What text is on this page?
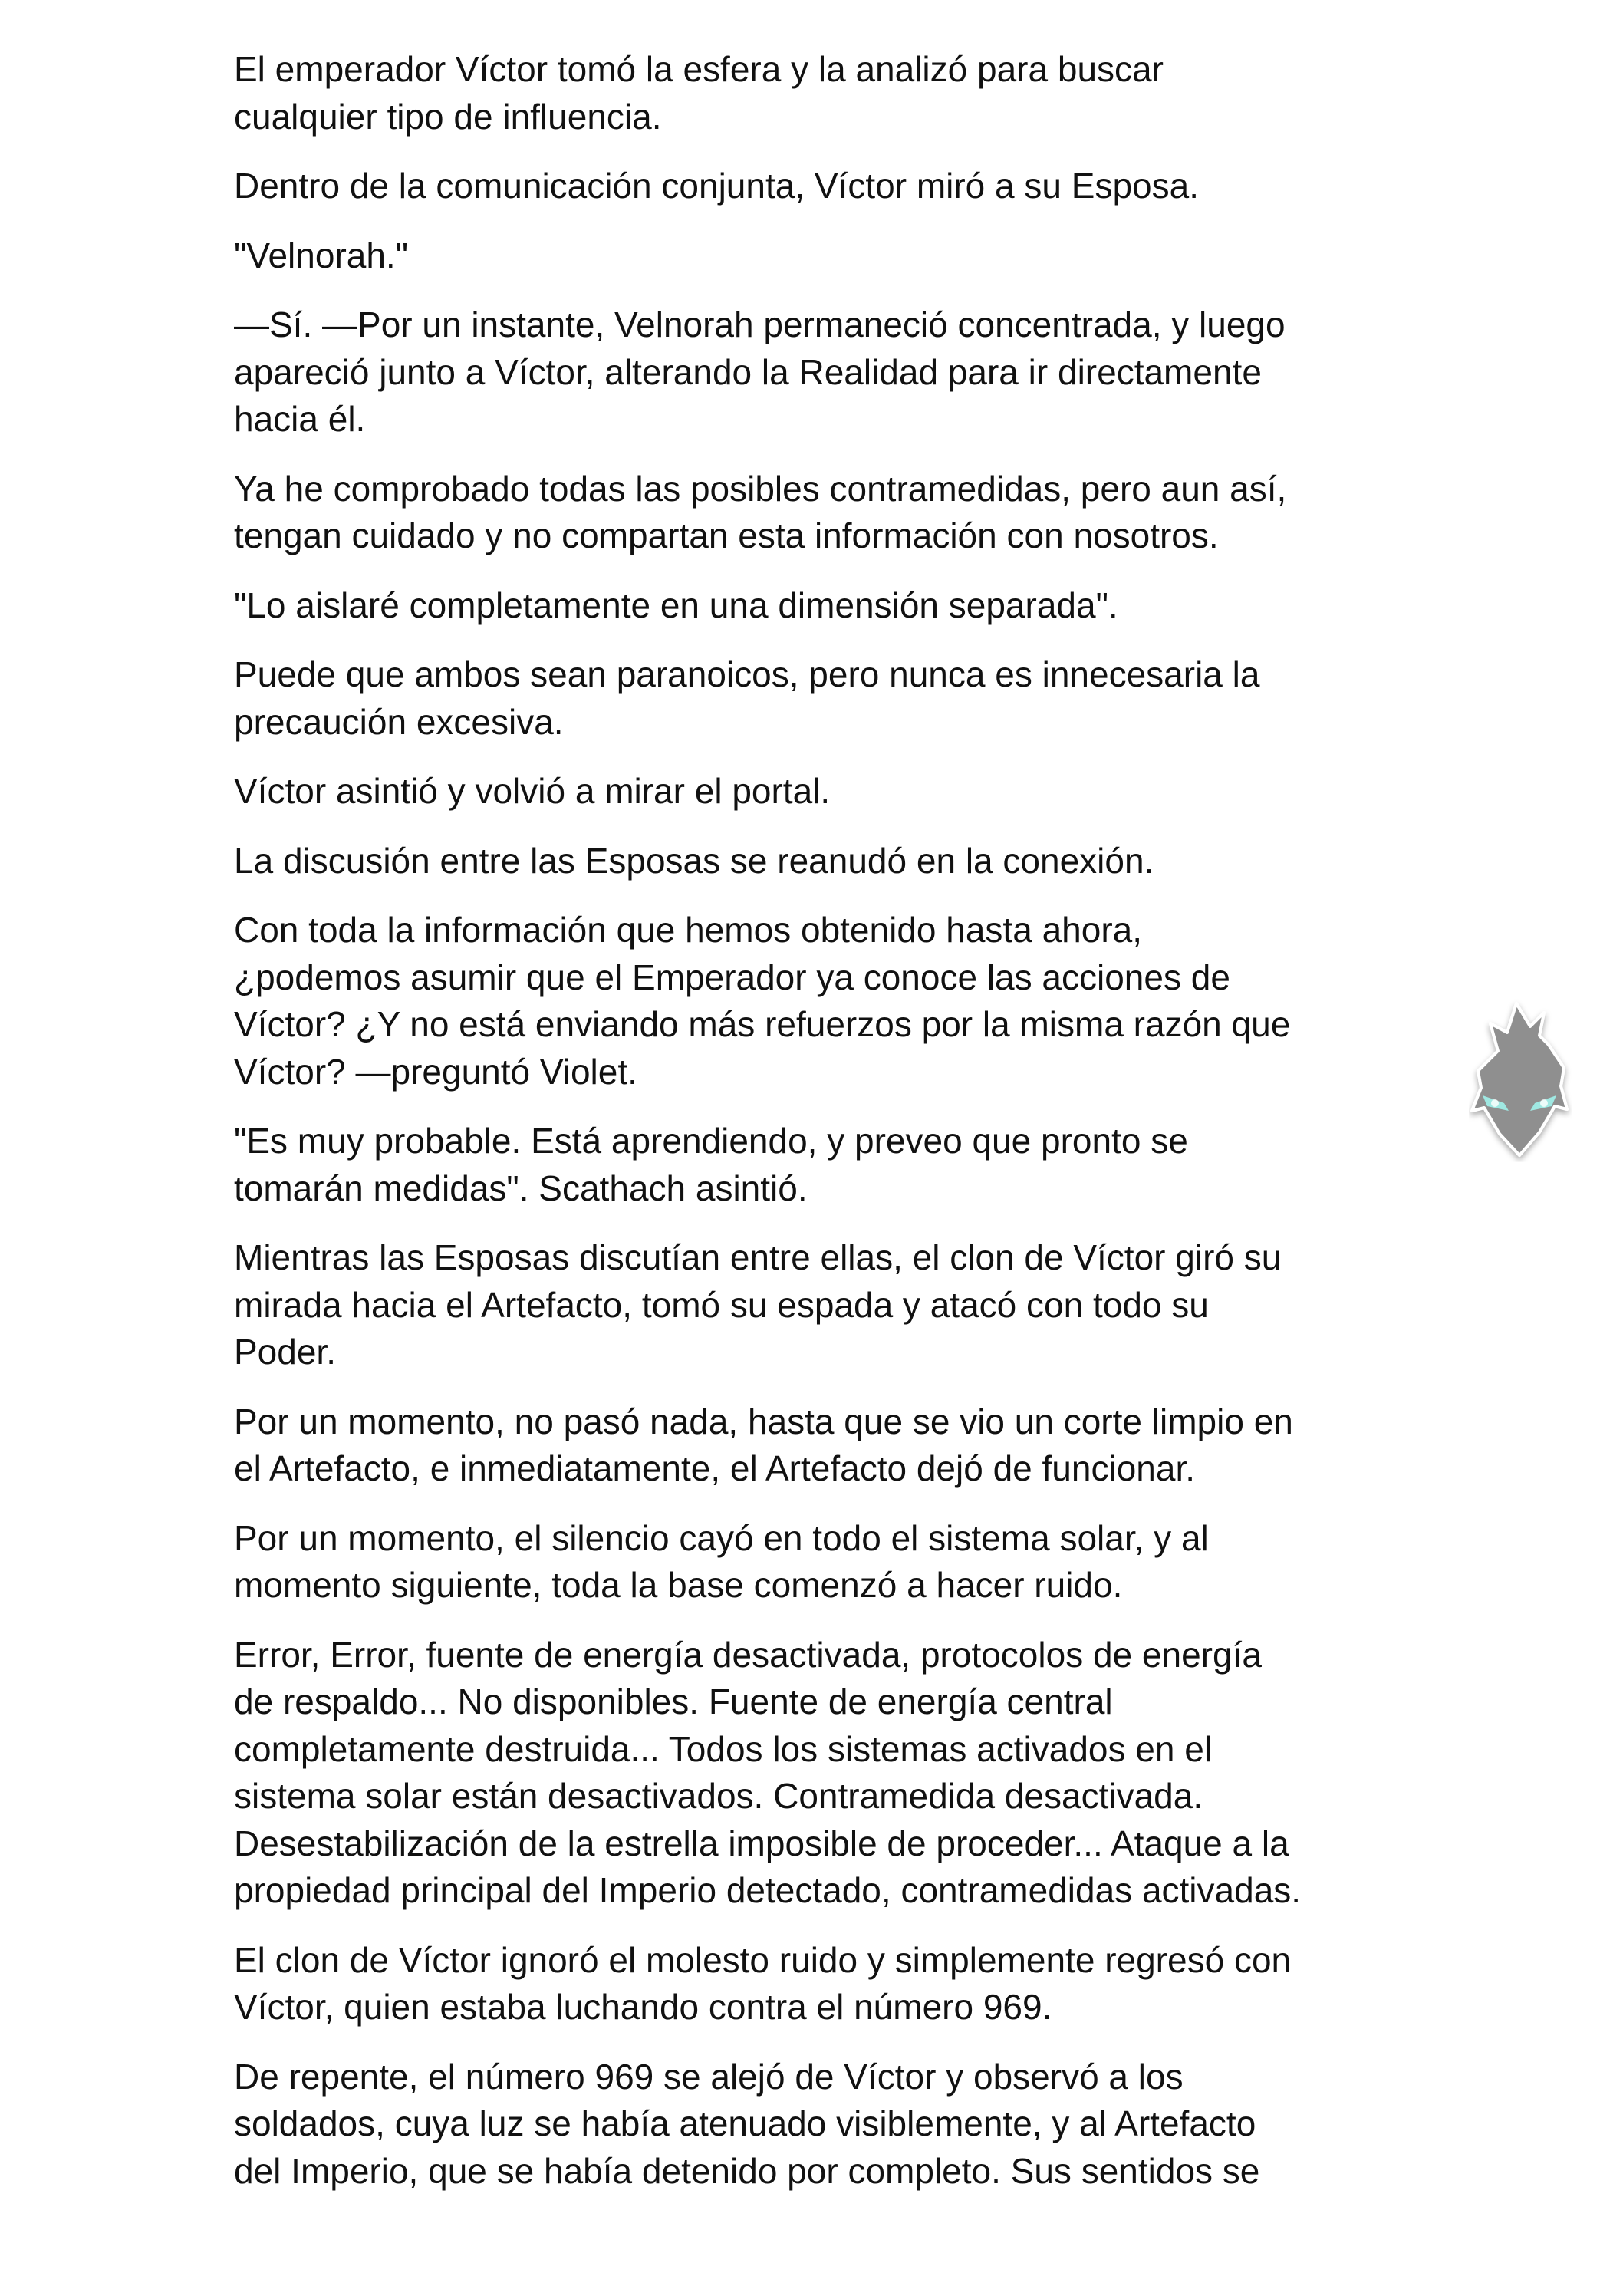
El emperador Víctor tomó la esfera y la analizó para buscar
cualquier tipo de influencia.

Dentro de la comunicación conjunta, Víctor miró a su Esposa.

"Velnorah."

—Sí. —Por un instante, Velnorah permaneció concentrada, y luego
apareció junto a Víctor, alterando la Realidad para ir directamente
hacia él.

Ya he comprobado todas las posibles contramedidas, pero aun así,
tengan cuidado y no compartan esta información con nosotros.

"Lo aislaré completamente en una dimensión separada".

Puede que ambos sean paranoicos, pero nunca es innecesaria la
precaución excesiva.

Víctor asintió y volvió a mirar el portal.

La discusión entre las Esposas se reanudó en la conexión.

Con toda la información que hemos obtenido hasta ahora,
¿podemos asumir que el Emperador ya conoce las acciones de
Víctor? ¿Y no está enviando más refuerzos por la misma razón que
Víctor? —preguntó Violet.

"Es muy probable. Está aprendiendo, y preveo que pronto se
tomarán medidas". Scathach asintió.

Mientras las Esposas discutían entre ellas, el clon de Víctor giró su
mirada hacia el Artefacto, tomó su espada y atacó con todo su
Poder.

Por un momento, no pasó nada, hasta que se vio un corte limpio en
el Artefacto, e inmediatamente, el Artefacto dejó de funcionar.

Por un momento, el silencio cayó en todo el sistema solar, y al
momento siguiente, toda la base comenzó a hacer ruido.

Error, Error, fuente de energía desactivada, protocolos de energía
de respaldo... No disponibles. Fuente de energía central
completamente destruida... Todos los sistemas activados en el
sistema solar están desactivados. Contramedida desactivada.
Desestabilización de la estrella imposible de proceder... Ataque a la
propiedad principal del Imperio detectado, contramedidas activadas.

El clon de Víctor ignoró el molesto ruido y simplemente regresó con
Víctor, quien estaba luchando contra el número 969.

De repente, el número 969 se alejó de Víctor y observó a los
soldados, cuya luz se había atenuado visiblemente, y al Artefacto
del Imperio, que se había detenido por completo. Sus sentidos se
